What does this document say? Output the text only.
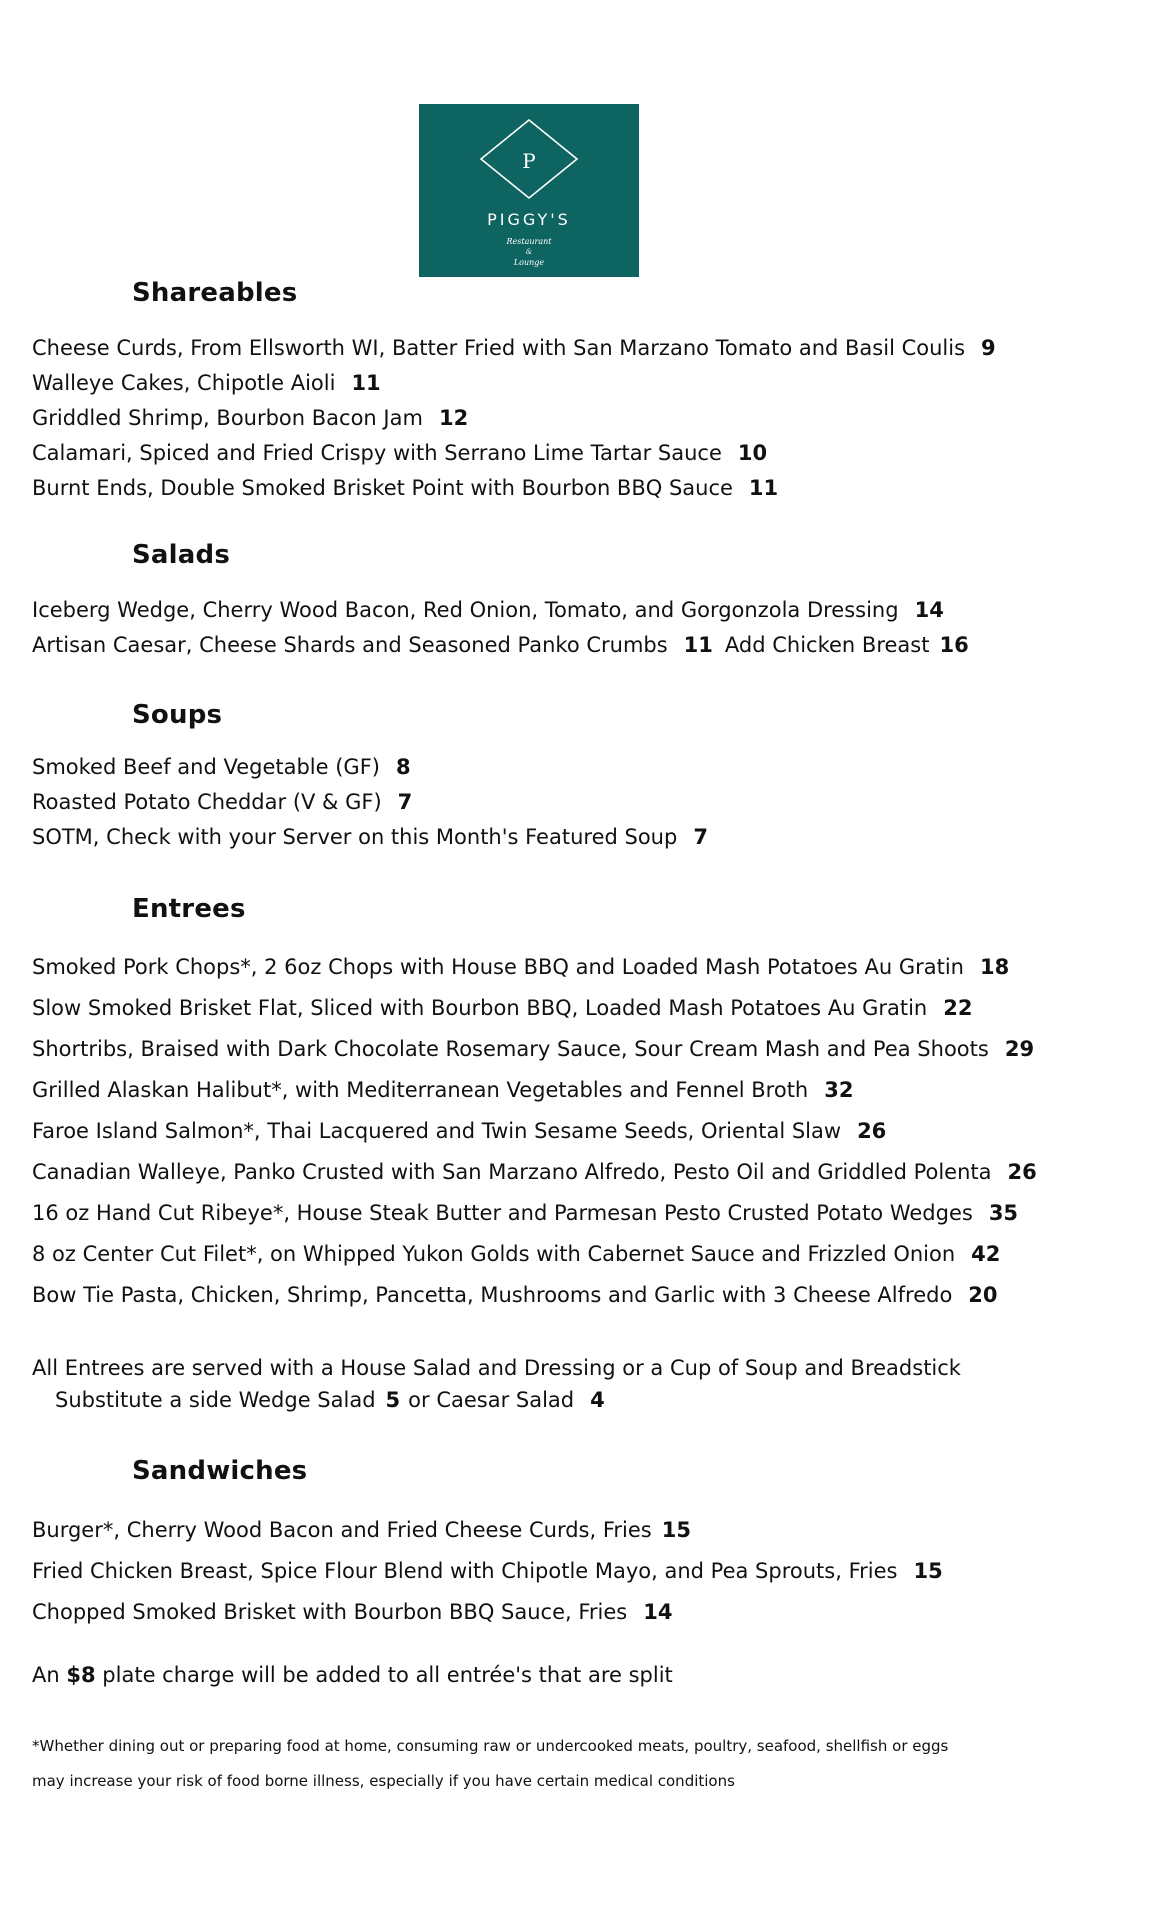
P
PIGGY'S
Restaurant
&
Lounge
Shareables
Cheese Curds, From Ellsworth WI, Batter Fried with San Marzano Tomato and Basil Coulis 9
Walleye Cakes, Chipotle Aioli 11
Griddled Shrimp, Bourbon Bacon Jam 12
Calamari, Spiced and Fried Crispy with Serrano Lime Tartar Sauce 10
Burnt Ends, Double Smoked Brisket Point with Bourbon BBQ Sauce 11
Salads
Iceberg Wedge, Cherry Wood Bacon, Red Onion, Tomato, and Gorgonzola Dressing 14
Artisan Caesar, Cheese Shards and Seasoned Panko Crumbs 11 Add Chicken Breast 16
Soups
Smoked Beef and Vegetable (GF) 8
Roasted Potato Cheddar (V & GF) 7
SOTM, Check with your Server on this Month's Featured Soup 7
Entrees
Smoked Pork Chops*, 2 6oz Chops with House BBQ and Loaded Mash Potatoes Au Gratin 18
Slow Smoked Brisket Flat, Sliced with Bourbon BBQ, Loaded Mash Potatoes Au Gratin 22
Shortribs, Braised with Dark Chocolate Rosemary Sauce, Sour Cream Mash and Pea Shoots 29
Grilled Alaskan Halibut*, with Mediterranean Vegetables and Fennel Broth 32
Faroe Island Salmon*, Thai Lacquered and Twin Sesame Seeds, Oriental Slaw 26
Canadian Walleye, Panko Crusted with San Marzano Alfredo, Pesto Oil and Griddled Polenta 26
16 oz Hand Cut Ribeye*, House Steak Butter and Parmesan Pesto Crusted Potato Wedges 35
8 oz Center Cut Filet*, on Whipped Yukon Golds with Cabernet Sauce and Frizzled Onion 42
Bow Tie Pasta, Chicken, Shrimp, Pancetta, Mushrooms and Garlic with 3 Cheese Alfredo 20
All Entrees are served with a House Salad and Dressing or a Cup of Soup and Breadstick
Substitute a side Wedge Salad 5 or Caesar Salad 4
Sandwiches
Burger*, Cherry Wood Bacon and Fried Cheese Curds, Fries 15
Fried Chicken Breast, Spice Flour Blend with Chipotle Mayo, and Pea Sprouts, Fries 15
Chopped Smoked Brisket with Bourbon BBQ Sauce, Fries 14
An $8 plate charge will be added to all entrée's that are split
*Whether dining out or preparing food at home, consuming raw or undercooked meats, poultry, seafood, shellfish or eggs
may increase your risk of food borne illness, especially if you have certain medical conditions
